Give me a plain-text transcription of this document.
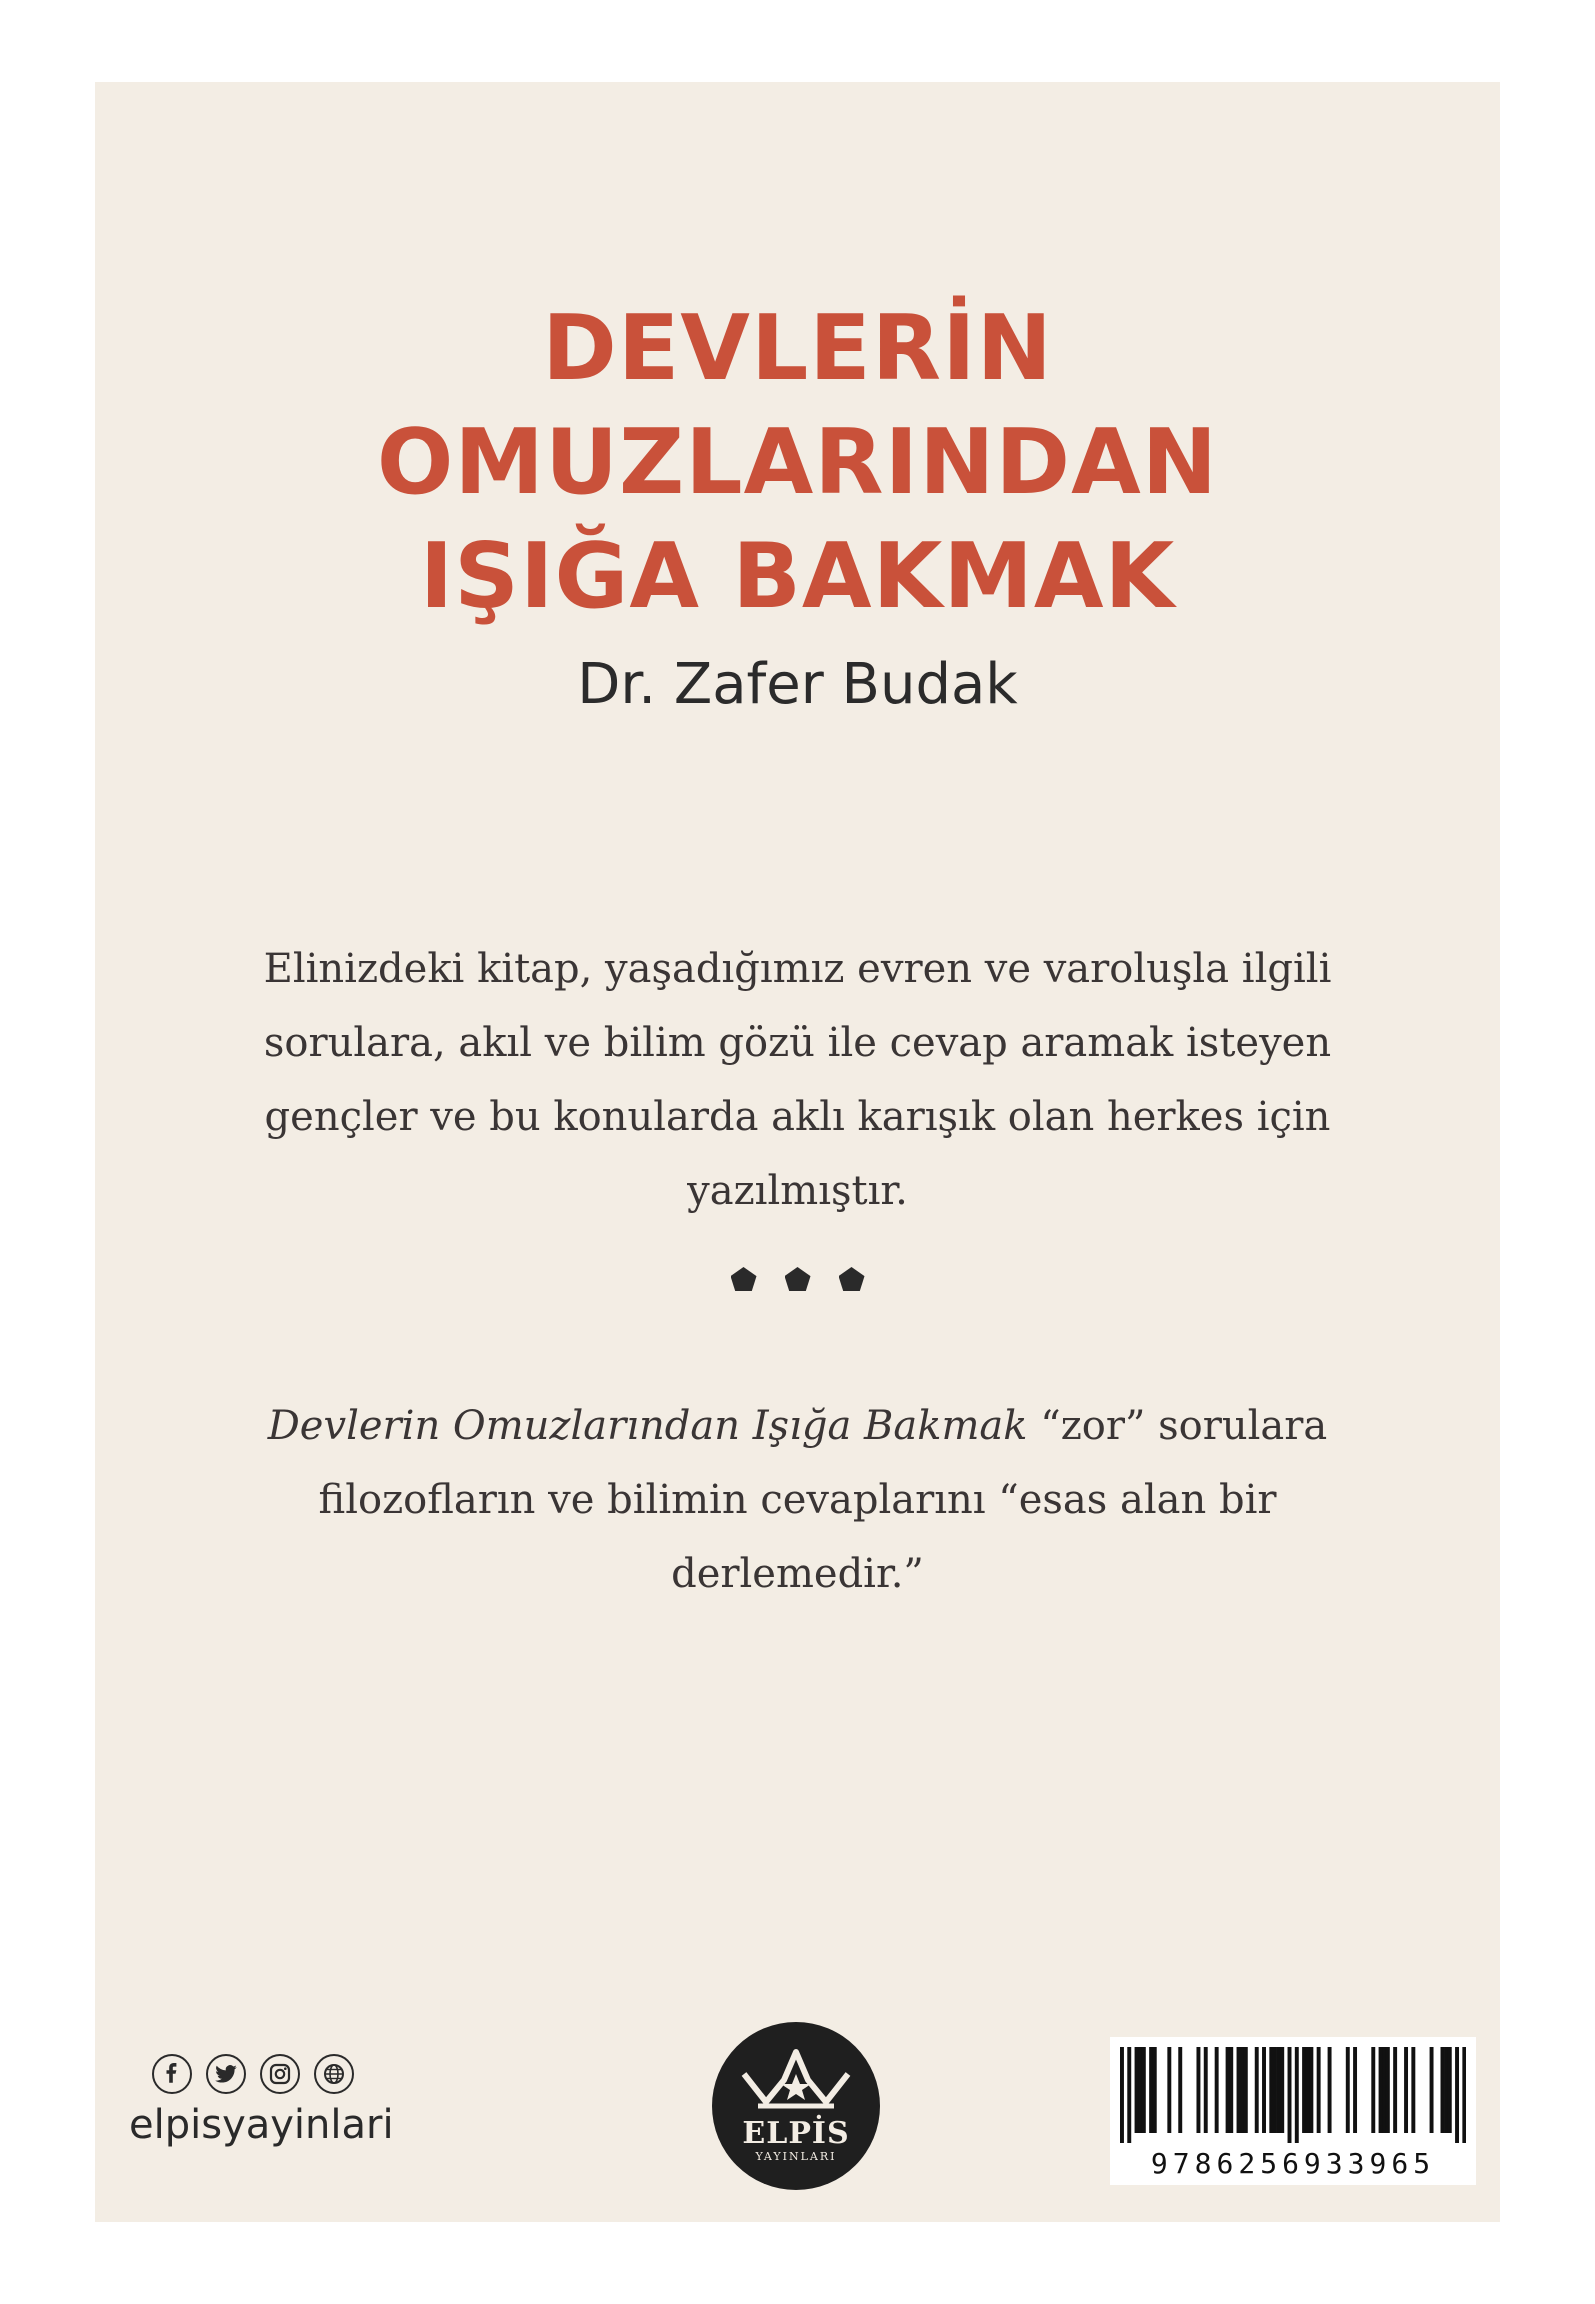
DEVLERİN
OMUZLARINDAN
IŞIĞA BAKMAK
Dr. Zafer Budak

Elinizdeki kitap, yaşadığımız evren ve varoluşla ilgili
sorulara, akıl ve bilim gözü ile cevap aramak isteyen
gençler ve bu konularda aklı karışık olan herkes için
yazılmıştır.

Devlerin Omuzlarından Işığa Bakmak “zor” sorulara
filozofların ve bilimin cevaplarını “esas alan bir
derlemedir.”

elpisyayinlari	ELPİS
YAYINLARI	9786256933965
